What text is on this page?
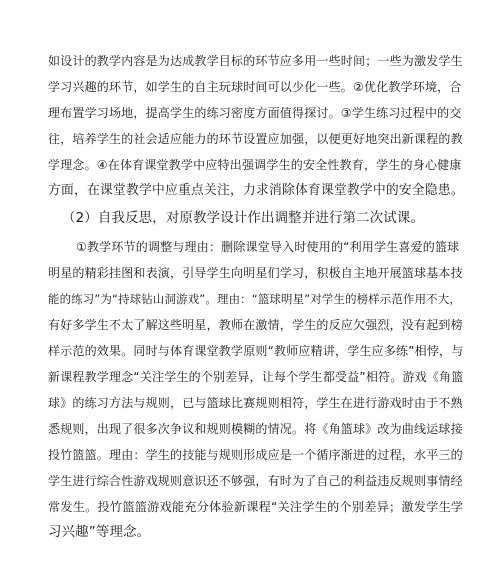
如设计的教学内容是为达成教学目标的环节应多用一些时间；一些为激发学生
学习兴趣的环节，如学生的自主玩球时间可以少化一些。②优化教学环境，合
理布置学习场地，提高学生的练习密度方面值得探讨。③学生练习过程中的交
往，培养学生的社会适应能力的环节设置应加强，以便更好地突出新课程的教
学理念。④在体育课堂教学中应特出强调学生的安全性教育，学生的身心健康
方面，在课堂教学中应重点关注，力求消除体育课堂教学中的安全隐患。
（2）自我反思，对原教学设计作出调整并进行第二次试课。
①教学环节的调整与理由：删除课堂导入时使用的“利用学生喜爱的篮球
明星的精彩挂图和表演，引导学生向明星们学习，积极自主地开展篮球基本技
能的练习”为“持球钻山洞游戏”。理由：“篮球明星”对学生的榜样示范作用不大，
有好多学生不太了解这些明星，教师在激情，学生的反应欠强烈，没有起到榜
样示范的效果。同时与体育课堂教学原则“教师应精讲，学生应多练”相悖，与
新课程教学理念“关注学生的个别差异，让每个学生都受益”相符。游戏《角篮
球》的练习方法与规则，已与篮球比赛规则相符，学生在进行游戏时由于不熟
悉规则，出现了很多次争议和规则模糊的情况。将《角篮球》改为曲线运球接
投竹篮篮。理由：学生的技能与规则形成应是一个循序渐进的过程，水平三的
学生进行综合性游戏规则意识还不够强，有时为了自己的利益违反规则事情经
常发生。投竹篮篮游戏能充分体验新课程“关注学生的个别差异；激发学生学
习兴趣”等理念。
